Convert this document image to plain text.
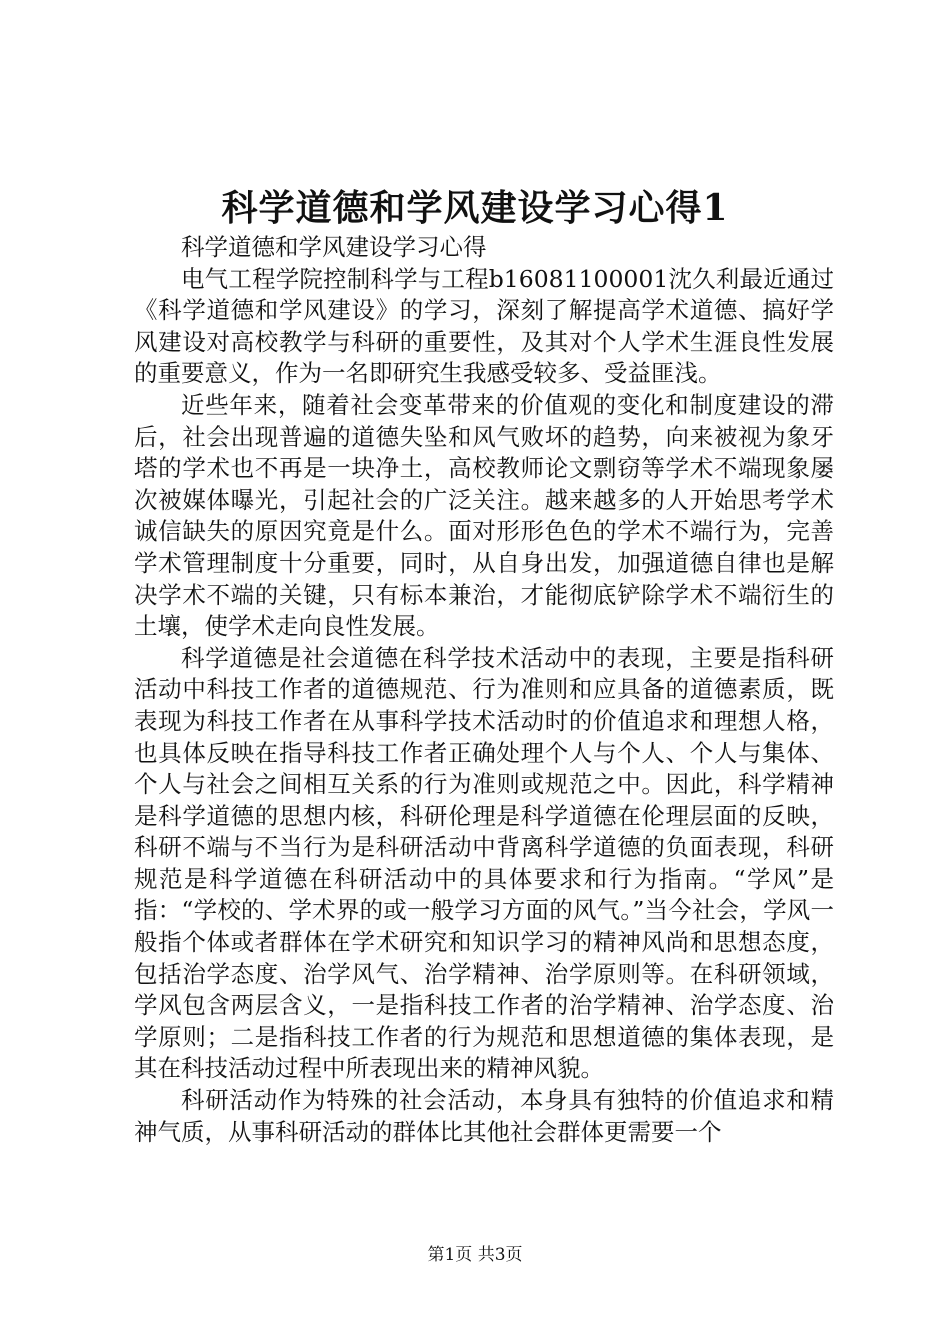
科学道德和学风建设学习心得1

科学道德和学风建设学习心得

电气工程学院控制科学与工程b16081100001沈久利最近通过《科学道德和学风建设》的学习，深刻了解提高学术道德、搞好学风建设对高校教学与科研的重要性，及其对个人学术生涯良性发展的重要意义，作为一名即研究生我感受较多、受益匪浅。

近些年来，随着社会变革带来的价值观的变化和制度建设的滞后，社会出现普遍的道德失坠和风气败坏的趋势，向来被视为象牙塔的学术也不再是一块净土，高校教师论文剽窃等学术不端现象屡次被媒体曝光，引起社会的广泛关注。越来越多的人开始思考学术诚信缺失的原因究竟是什么。面对形形色色的学术不端行为，完善学术管理制度十分重要，同时，从自身出发，加强道德自律也是解决学术不端的关键，只有标本兼治，才能彻底铲除学术不端衍生的土壤，使学术走向良性发展。

科学道德是社会道德在科学技术活动中的表现，主要是指科研活动中科技工作者的道德规范、行为准则和应具备的道德素质，既表现为科技工作者在从事科学技术活动时的价值追求和理想人格，也具体反映在指导科技工作者正确处理个人与个人、个人与集体、个人与社会之间相互关系的行为准则或规范之中。因此，科学精神是科学道德的思想内核，科研伦理是科学道德在伦理层面的反映，科研不端与不当行为是科研活动中背离科学道德的负面表现，科研规范是科学道德在科研活动中的具体要求和行为指南。“学风”是指：“学校的、学术界的或一般学习方面的风气。”当今社会，学风一般指个体或者群体在学术研究和知识学习的精神风尚和思想态度，包括治学态度、治学风气、治学精神、治学原则等。在科研领域，学风包含两层含义，一是指科技工作者的治学精神、治学态度、治学原则；二是指科技工作者的行为规范和思想道德的集体表现，是其在科技活动过程中所表现出来的精神风貌。

科研活动作为特殊的社会活动，本身具有独特的价值追求和精神气质，从事科研活动的群体比其他社会群体更需要一个

第1页 共3页
